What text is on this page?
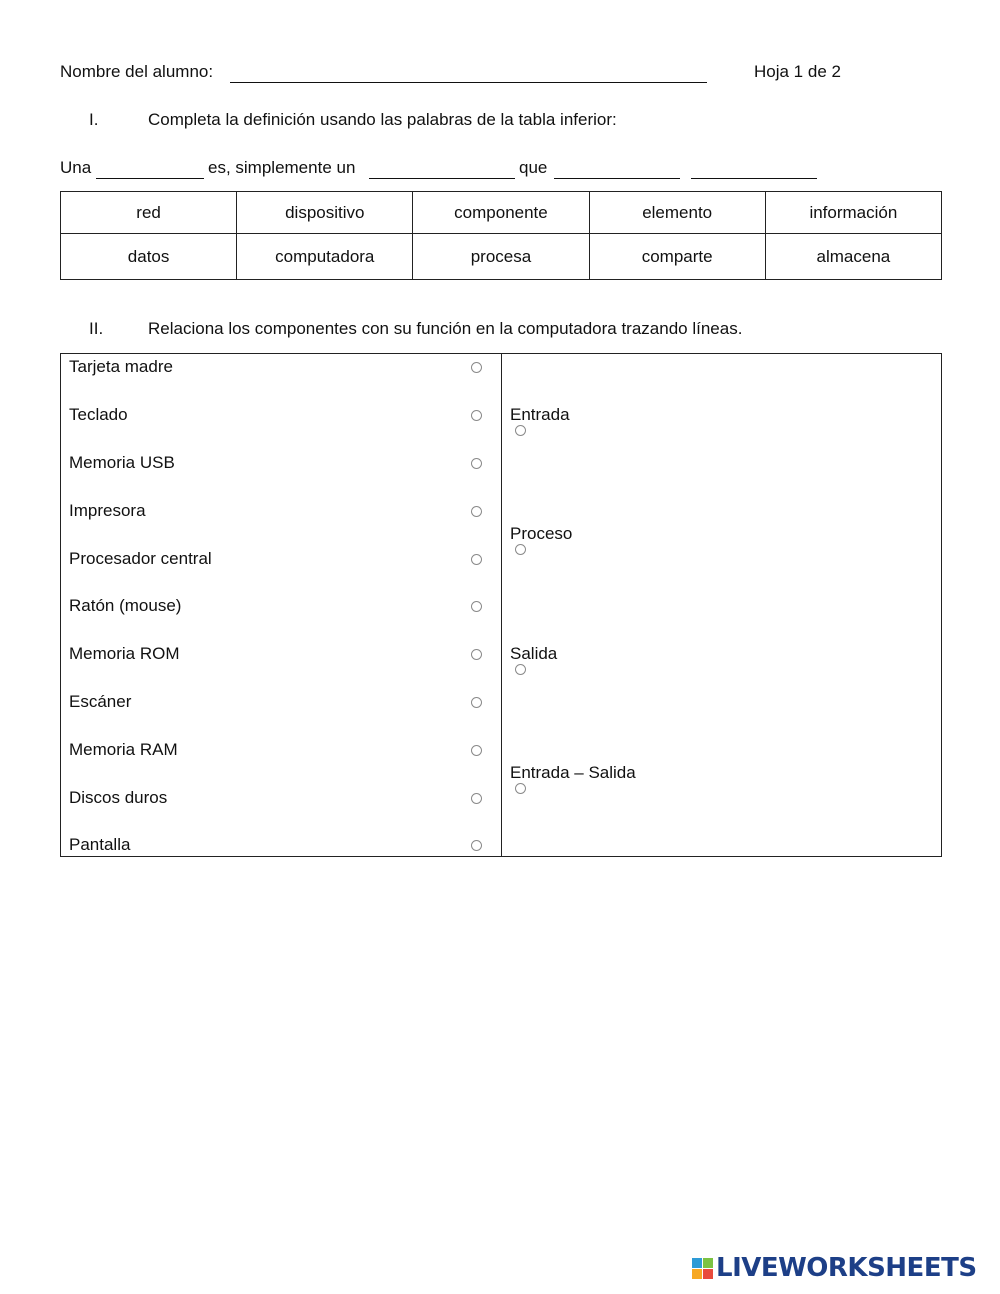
Nombre del alumno:	Hoja 1 de 2
I.	Completa la definición usando las palabras de la tabla inferior:
Una	es, simplemente un	que
red	dispositivo	componente	elemento	información
datos	computadora	procesa	comparte	almacena
II.	Relaciona los componentes con su función en la computadora trazando líneas.
Tarjeta madre
Teclado
Memoria USB
Impresora
Procesador central
Ratón (mouse)
Memoria ROM
Escáner
Memoria RAM
Discos duros
Pantalla
Entrada
Proceso
Salida
Entrada – Salida
LIVEWORKSHEETS
